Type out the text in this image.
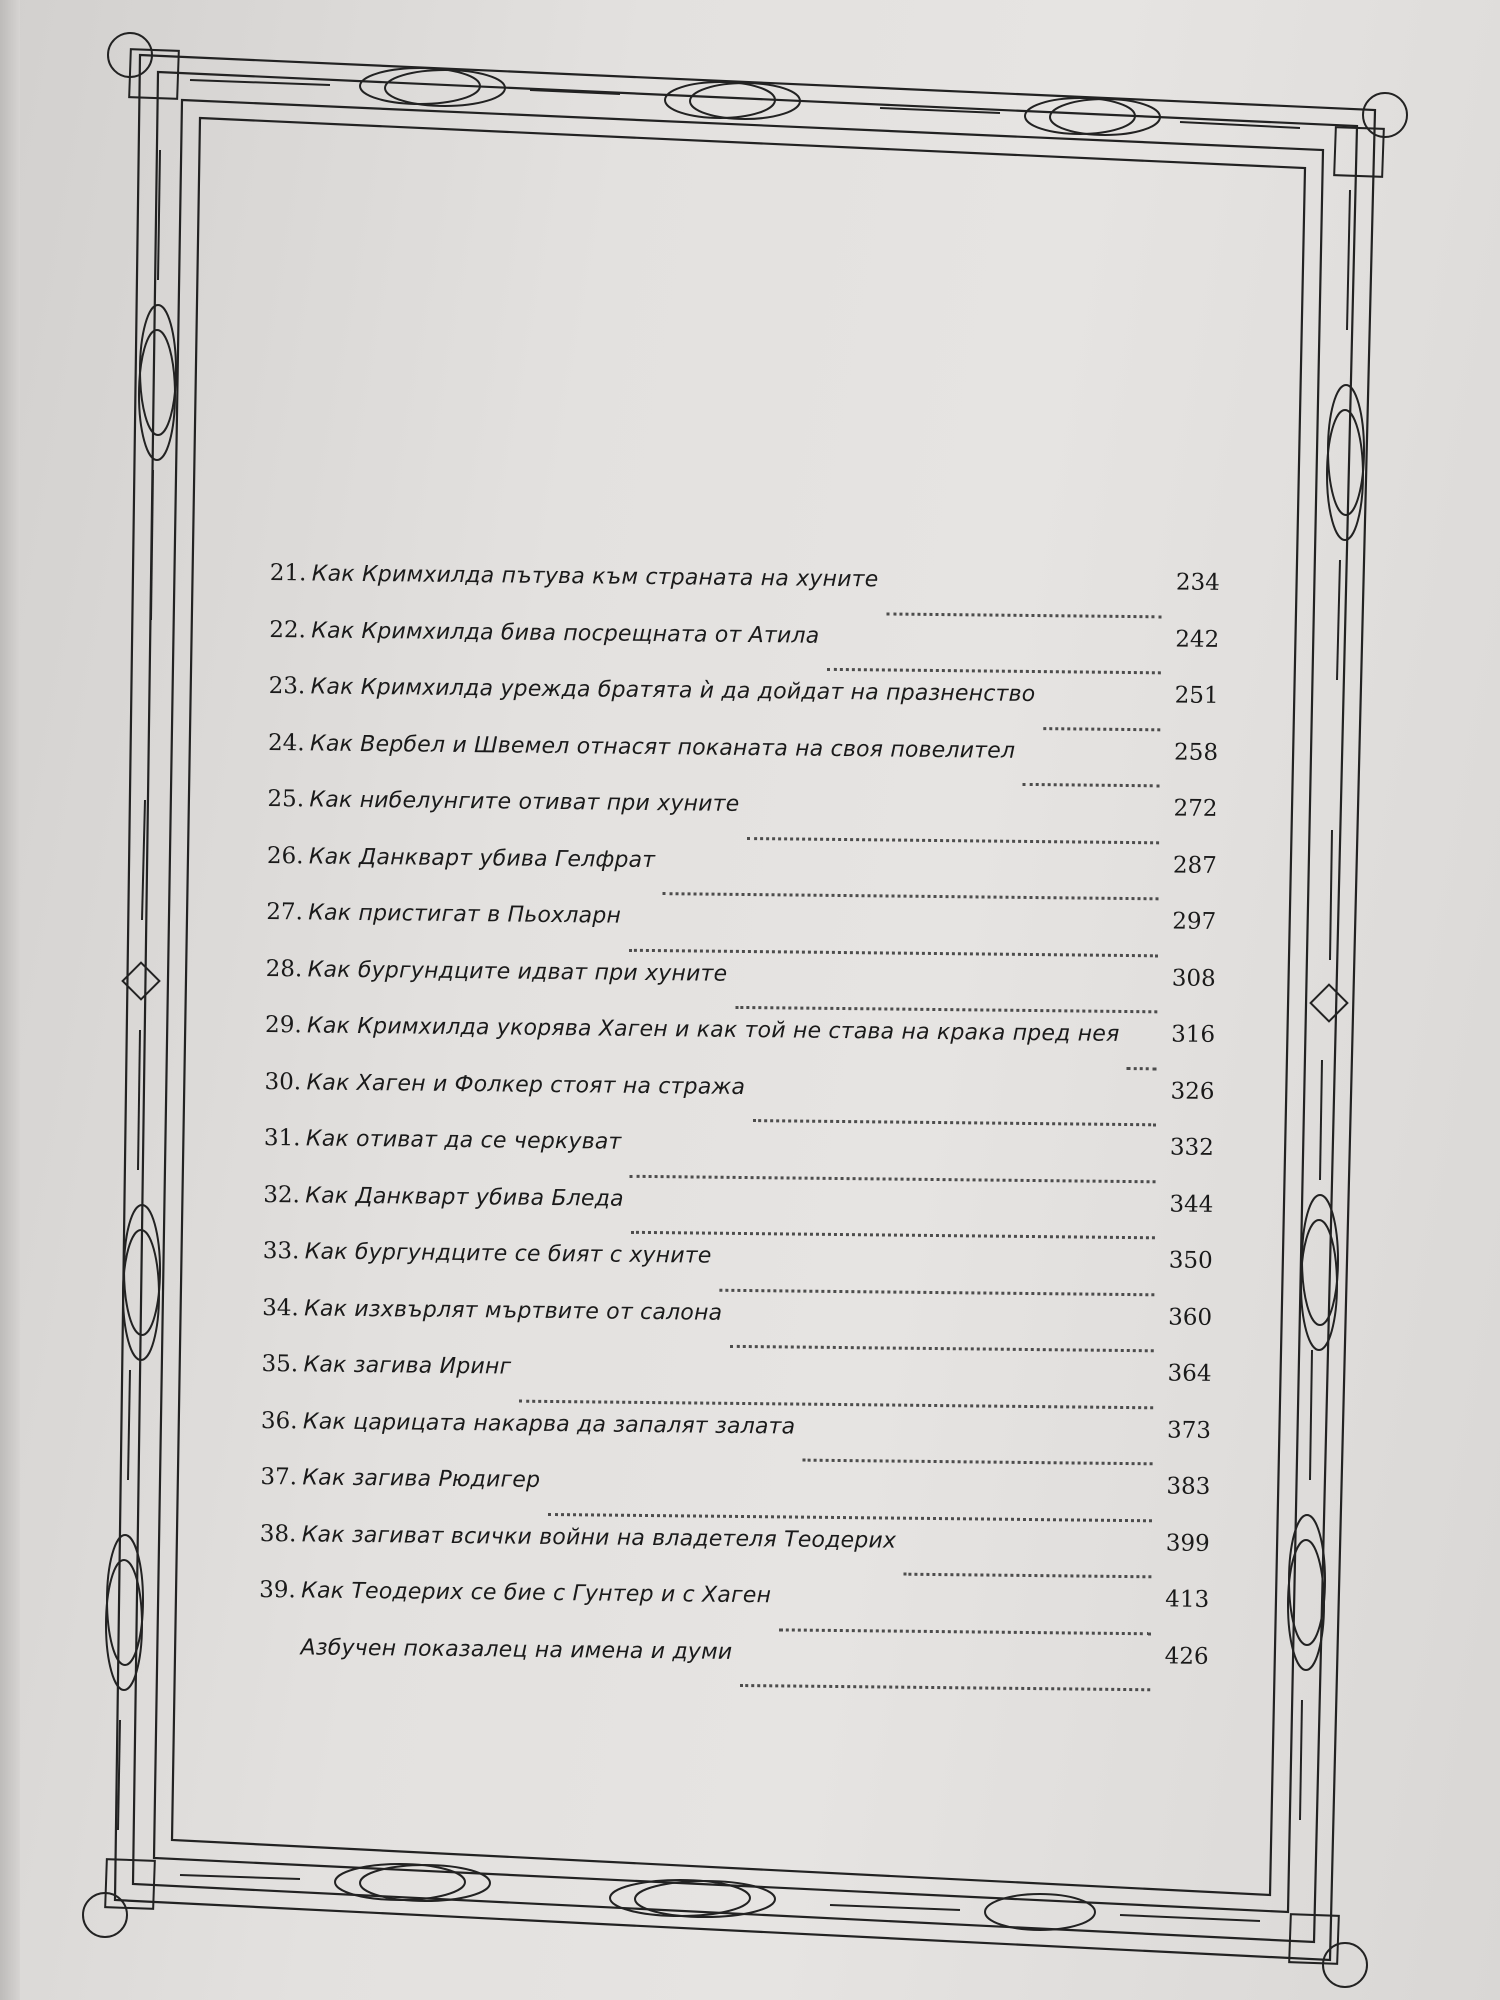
21. Как Кримхилда пътува към страната на хуните	234
22. Как Кримхилда бива посрещната от Атила	242
23. Как Кримхилда урежда братята ѝ да дойдат на празненство	251
24. Как Вербел и Швемел отнасят поканата на своя повелител	258
25. Как нибелунгите отиват при хуните	272
26. Как Данкварт убива Гелфрат	287
27. Как пристигат в Пьохларн	297
28. Как бургундците идват при хуните	308
29. Как Кримхилда укорява Хаген и как той не става на крака пред нея 316
30. Как Хаген и Фолкер стоят на стража	326
31. Как отиват да се черкуват	332
32. Как Данкварт убива Бледа	344
33. Как бургундците се бият с хуните	350
34. Как изхвърлят мъртвите от салона	360
35. Как загива Иринг	364
36. Как царицата накарва да запалят залата	373
37. Как загива Рюдигер	383
38. Как загиват всички войни на владетеля Теодерих	399
39. Как Теодерих се бие с Гунтер и с Хаген	413
Азбучен показалец на имена и думи	426
